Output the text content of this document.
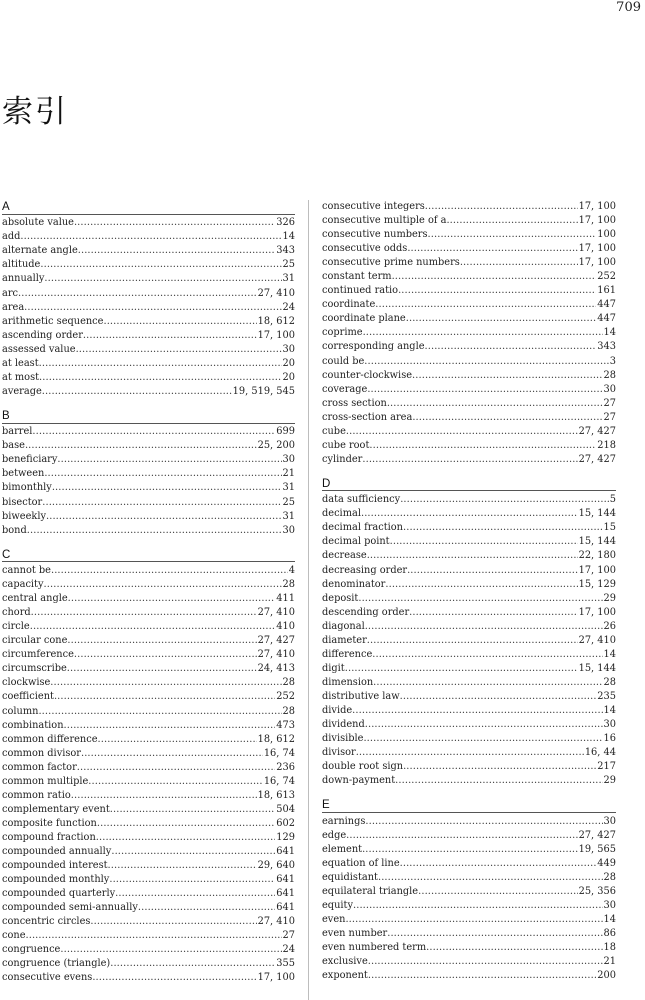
709
索引
A
absolute value . . .	326
add . . .	14
alternate angle . . .	343
altitude . . .	25
annually . . .	31
arc . . .	27, 410
area . . .	24
arithmetic sequence . . .	18, 612
ascending order . . .	17, 100
assessed value . . .	30
at least . . .	20
at most . . .	20
average . . .	19, 519, 545
B
barrel . . .	699
base . . .	25, 200
beneficiary . . .	30
between . . .	21
bimonthly . . .	31
bisector . . .	25
biweekly . . .	31
bond . . .	30
C
cannot be . . .	4
capacity . . .	28
central angle . . .	411
chord . . .	27, 410
circle . . .	410
circular cone . . .	27, 427
circumference . . .	27, 410
circumscribe . . .	24, 413
clockwise . . .	28
coefficient . . .	252
column . . .	28
combination . . .	473
common difference . . .	18, 612
common divisor . . .	16, 74
common factor . . .	236
common multiple . . .	16, 74
common ratio . . .	18, 613
complementary event . . .	504
composite function . . .	602
compound fraction . . .	129
compounded annually . . .	641
compounded interest . . .	29, 640
compounded monthly . . .	641
compounded quarterly . . .	641
compounded semi-annually . . .	641
concentric circles . . .	27, 410
cone . . .	27
congruence . . .	24
congruence (triangle) . . .	355
consecutive evens . . .	17, 100
consecutive integers . . .	17, 100
consecutive multiple of a . . .	17, 100
consecutive numbers . . .	100
consecutive odds . . .	17, 100
consecutive prime numbers . . .	17, 100
constant term . . .	252
continued ratio . . .	161
coordinate . . .	447
coordinate plane . . .	447
coprime . . .	14
corresponding angle . . .	343
could be . . .	3
counter-clockwise . . .	28
coverage . . .	30
cross section . . .	27
cross-section area . . .	27
cube . . .	27, 427
cube root . . .	218
cylinder . . .	27, 427
D
data sufficiency . . .	5
decimal . . .	15, 144
decimal fraction . . .	15
decimal point . . .	15, 144
decrease . . .	22, 180
decreasing order . . .	17, 100
denominator . . .	15, 129
deposit . . .	29
descending order . . .	17, 100
diagonal . . .	26
diameter . . .	27, 410
difference . . .	14
digit . . .	15, 144
dimension . . .	28
distributive law . . .	235
divide . . .	14
dividend . . .	30
divisible . . .	16
divisor . . .	16, 44
double root sign . . .	217
down-payment . . .	29
E
earnings . . .	30
edge . . .	27, 427
element . . .	19, 565
equation of line . . .	449
equidistant . . .	28
equilateral triangle . . .	25, 356
equity . . .	30
even . . .	14
even number . . .	86
even numbered term . . .	18
exclusive . . .	21
exponent . . .	200
